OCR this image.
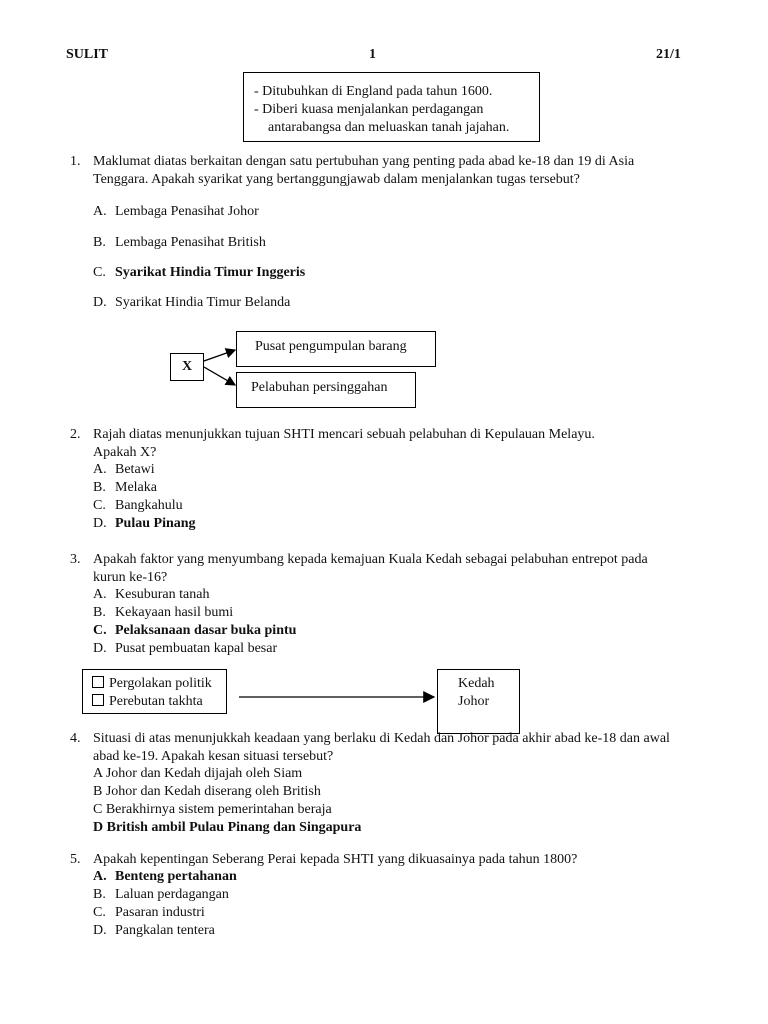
SULIT	1	21/1
- Ditubuhkan di England pada tahun 1600.
- Diberi kuasa menjalankan perdagangan
antarabangsa dan meluaskan tanah jajahan.
1. Maklumat diatas berkaitan dengan satu pertubuhan yang penting pada abad ke-18 dan 19 di Asia
Tenggara. Apakah syarikat yang bertanggungjawab dalam menjalankan tugas tersebut?
A. Lembaga Penasihat Johor
B. Lembaga Penasihat British
C. Syarikat Hindia Timur Inggeris
D. Syarikat Hindia Timur Belanda
X
Pusat pengumpulan barang
Pelabuhan persinggahan
2. Rajah diatas menunjukkan tujuan SHTI mencari sebuah pelabuhan di Kepulauan Melayu.
Apakah X?
A. Betawi
B. Melaka
C. Bangkahulu
D. Pulau Pinang
3. Apakah faktor yang menyumbang kepada kemajuan Kuala Kedah sebagai pelabuhan entrepot pada
kurun ke-16?
A. Kesuburan tanah
B. Kekayaan hasil bumi
C. Pelaksanaan dasar buka pintu
D. Pusat pembuatan kapal besar
Pergolakan politik
Perebutan takhta
Kedah
Johor
4. Situasi di atas menunjukkah keadaan yang berlaku di Kedah dan Johor pada akhir abad ke-18 dan awal
abad ke-19. Apakah kesan situasi tersebut?
A Johor dan Kedah dijajah oleh Siam
B Johor dan Kedah diserang oleh British
C Berakhirnya sistem pemerintahan beraja
D British ambil Pulau Pinang dan Singapura
5. Apakah kepentingan Seberang Perai kepada SHTI yang dikuasainya pada tahun 1800?
A. Benteng pertahanan
B. Laluan perdagangan
C. Pasaran industri
D. Pangkalan tentera
